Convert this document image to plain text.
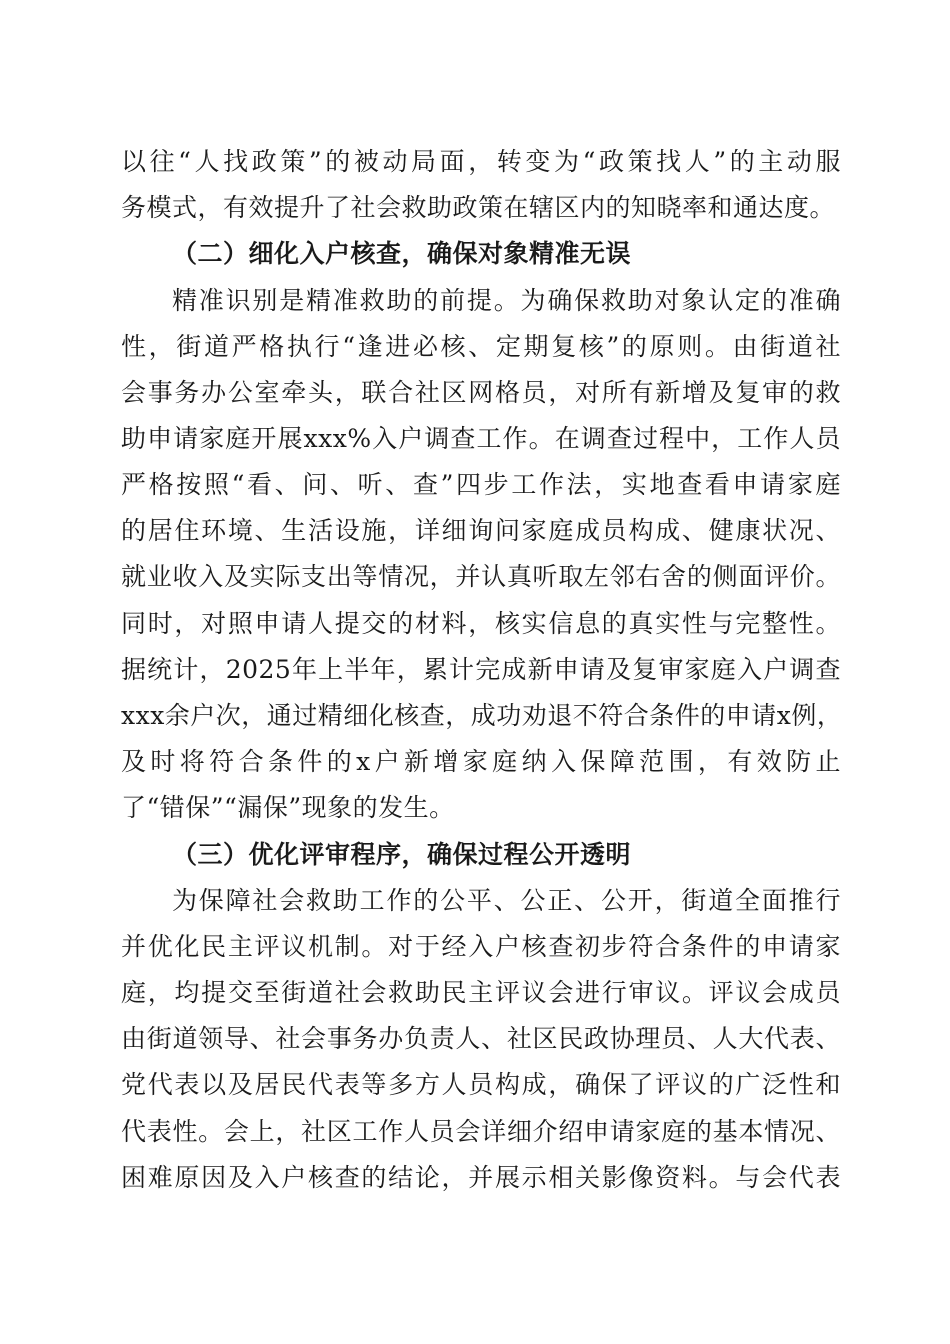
以往“人找政策”的被动局面，转变为“政策找人”的主动服
务模式，有效提升了社会救助政策在辖区内的知晓率和通达度。
（二）细化入户核查，确保对象精准无误
精准识别是精准救助的前提。为确保救助对象认定的准确
性，街道严格执行“逢进必核、定期复核”的原则。由街道社
会事务办公室牵头，联合社区网格员，对所有新增及复审的救
助申请家庭开展xxx%入户调查工作。在调查过程中，工作人员
严格按照“看、问、听、查”四步工作法，实地查看申请家庭
的居住环境、生活设施，详细询问家庭成员构成、健康状况、
就业收入及实际支出等情况，并认真听取左邻右舍的侧面评价。
同时，对照申请人提交的材料，核实信息的真实性与完整性。
据统计，2025年上半年，累计完成新申请及复审家庭入户调查
xxx余户次，通过精细化核查，成功劝退不符合条件的申请x例，
及时将符合条件的x户新增家庭纳入保障范围，有效防止
了“错保”“漏保”现象的发生。
（三）优化评审程序，确保过程公开透明
为保障社会救助工作的公平、公正、公开，街道全面推行
并优化民主评议机制。对于经入户核查初步符合条件的申请家
庭，均提交至街道社会救助民主评议会进行审议。评议会成员
由街道领导、社会事务办负责人、社区民政协理员、人大代表、
党代表以及居民代表等多方人员构成，确保了评议的广泛性和
代表性。会上，社区工作人员会详细介绍申请家庭的基本情况、
困难原因及入户核查的结论，并展示相关影像资料。与会代表
